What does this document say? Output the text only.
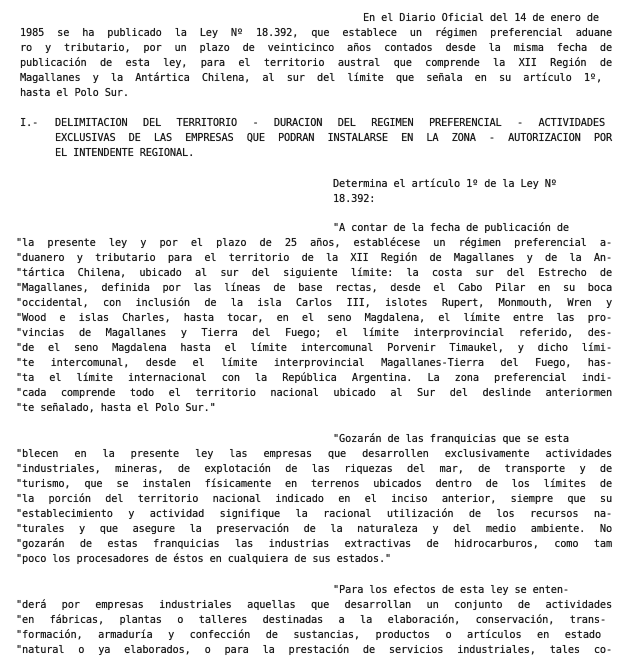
En el Diario Oficial del 14 de enero de
1985 se ha publicado la Ley Nº 18.392, que establece un régimen preferencial aduane
ro y tributario, por un plazo de veinticinco años contados desde la misma fecha de
publicación de esta ley, para el territorio austral que comprende la XII Región de
Magallanes y la Antártica Chilena, al sur del límite que señala en su artículo 1º,
hasta el Polo Sur.
I.- DELIMITACION DEL TERRITORIO - DURACION DEL REGIMEN PREFERENCIAL - ACTIVIDADES
EXCLUSIVAS DE LAS EMPRESAS QUE PODRAN INSTALARSE EN LA ZONA - AUTORIZACION POR
EL INTENDENTE REGIONAL.
Determina el artículo 1º de la Ley Nº
18.392:
"A contar de la fecha de publicación de
"la presente ley y por el plazo de 25 años, establécese un régimen preferencial a-
"duanero y tributario para el territorio de la XII Región de Magallanes y de la An-
"tártica Chilena, ubicado al sur del siguiente límite: la costa sur del Estrecho de
"Magallanes, definida por las líneas de base rectas, desde el Cabo Pilar en su boca
"occidental, con inclusión de la isla Carlos III, islotes Rupert, Monmouth, Wren y
"Wood e islas Charles, hasta tocar, en el seno Magdalena, el límite entre las pro-
"vincias de Magallanes y Tierra del Fuego; el límite interprovincial referido, des-
"de el seno Magdalena hasta el límite intercomunal Porvenir Timaukel, y dicho lími-
"te intercomunal, desde el límite interprovincial Magallanes-Tierra del Fuego, has-
"ta el límite internacional con la República Argentina. La zona preferencial indi-
"cada comprende todo el territorio nacional ubicado al Sur del deslinde anteriormen
"te señalado, hasta el Polo Sur."
"Gozarán de las franquicias que se esta
"blecen en la presente ley las empresas que desarrollen exclusivamente actividades
"industriales, mineras, de explotación de las riquezas del mar, de transporte y de
"turismo, que se instalen físicamente en terrenos ubicados dentro de los límites de
"la porción del territorio nacional indicado en el inciso anterior, siempre que su
"establecimiento y actividad signifique la racional utilización de los recursos na-
"turales y que asegure la preservación de la naturaleza y del medio ambiente. No
"gozarán de estas franquicias las industrias extractivas de hidrocarburos, como tam
"poco los procesadores de éstos en cualquiera de sus estados."
"Para los efectos de esta ley se enten-
"derá por empresas industriales aquellas que desarrollan un conjunto de actividades
"en fábricas, plantas o talleres destinadas a la elaboración, conservación, trans-
"formación, armaduría y confección de sustancias, productos o artículos en estado
"natural o ya elaborados, o para la prestación de servicios industriales, tales co-
